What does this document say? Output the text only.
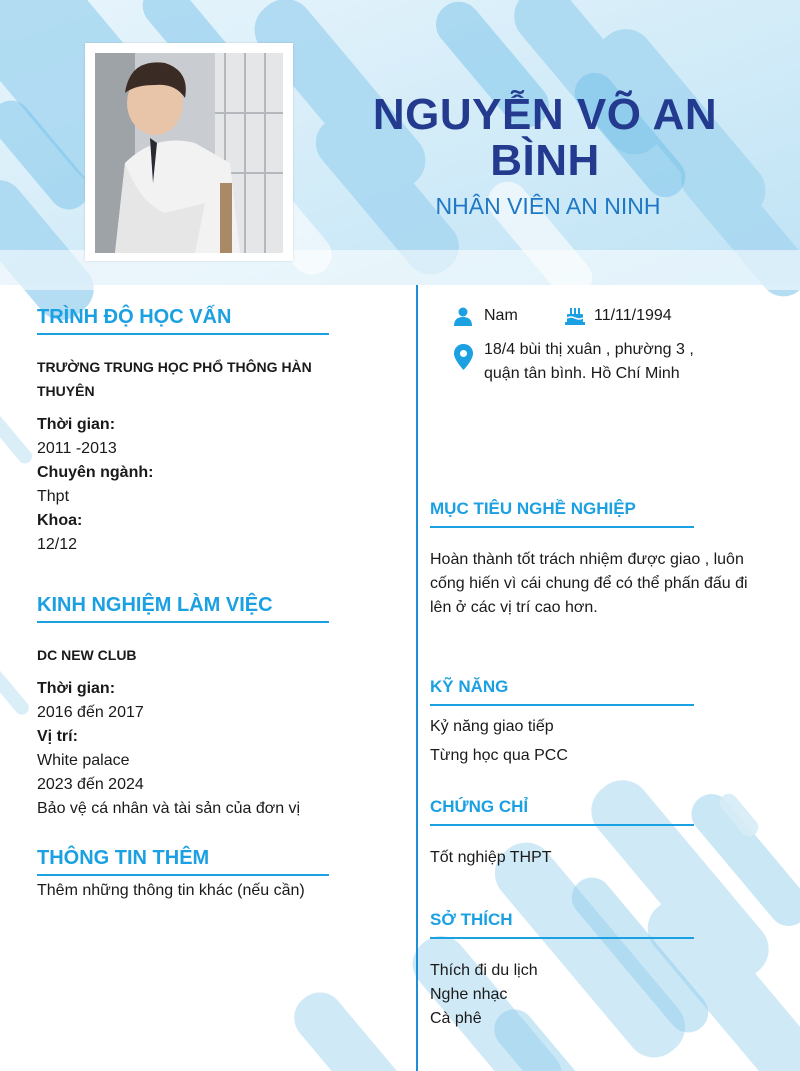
NGUYỄN VÕ AN
BÌNH
NHÂN VIÊN AN NINH
TRÌNH ĐỘ HỌC VẤN
TRƯỜNG TRUNG HỌC PHỔ THÔNG HÀN
THUYÊN
Thời gian:
2011 -2013
Chuyên ngành:
Thpt
Khoa:
12/12
KINH NGHIỆM LÀM VIỆC
DC NEW CLUB
Thời gian:
2016 đến 2017
Vị trí:
White palace
2023 đến 2024
Bảo vệ cá nhân và tài sản của đơn vị
THÔNG TIN THÊM
Thêm những thông tin khác (nếu cần)
Nam	11/11/1994
18/4 bùi thị xuân , phường 3 ,
quận tân bình. Hồ Chí Minh
MỤC TIÊU NGHỀ NGHIỆP
Hoàn thành tốt trách nhiệm được giao , luôn
cống hiến vì cái chung để có thể phấn đấu đi
lên ở các vị trí cao hơn.
KỸ NĂNG
Kỷ năng giao tiếp
Từng học qua PCC
CHỨNG CHỈ
Tốt nghiệp THPT
SỞ THÍCH
Thích đi du lịch
Nghe nhạc
Cà phê
